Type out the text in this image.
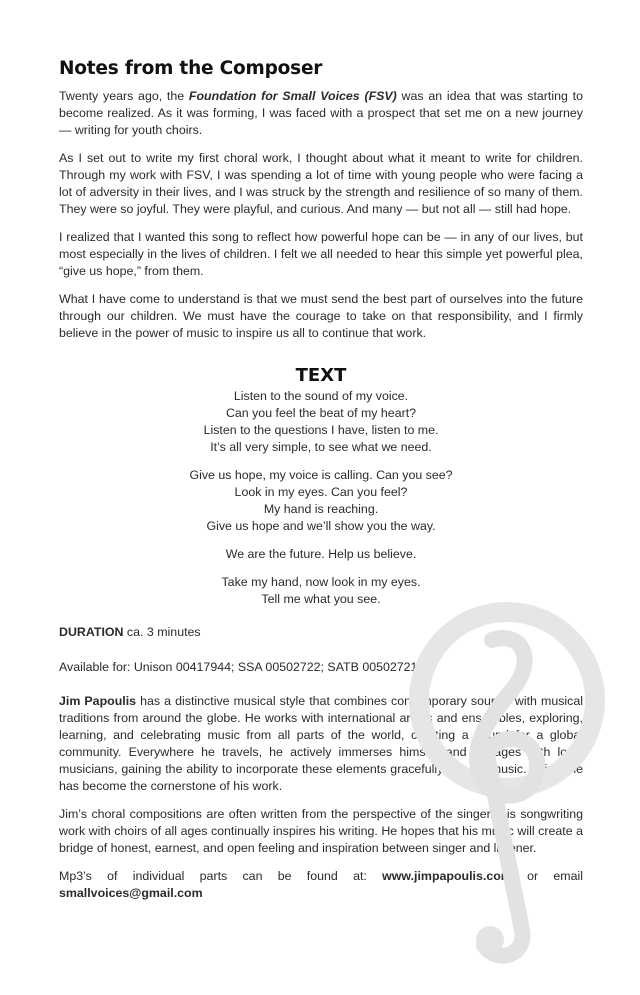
Notes from the Composer

Twenty years ago, the Foundation for Small Voices (FSV) was an idea that was starting to become realized. As it was forming, I was faced with a prospect that set me on a new journey — writing for youth choirs.

As I set out to write my first choral work, I thought about what it meant to write for children. Through my work with FSV, I was spending a lot of time with young people who were facing a lot of adversity in their lives, and I was struck by the strength and resilience of so many of them. They were so joyful. They were playful, and curious. And many — but not all — still had hope.

I realized that I wanted this song to reflect how powerful hope can be — in any of our lives, but most especially in the lives of children. I felt we all needed to hear this simple yet powerful plea, “give us hope,” from them.

What I have come to understand is that we must send the best part of ourselves into the future through our children. We must have the courage to take on that responsibility, and I firmly believe in the power of music to inspire us all to continue that work.

TEXT
Listen to the sound of my voice.
Can you feel the beat of my heart?
Listen to the questions I have, listen to me.
It’s all very simple, to see what we need.
Give us hope, my voice is calling. Can you see?
Look in my eyes. Can you feel?
My hand is reaching.
Give us hope and we’ll show you the way.
We are the future. Help us believe.
Take my hand, now look in my eyes.
Tell me what you see.

DURATION ca. 3 minutes

Available for: Unison 00417944; SSA 00502722; SATB 00502721

Jim Papoulis has a distinctive musical style that combines contemporary sounds with musical traditions from around the globe. He works with international artists and ensembles, exploring, learning, and celebrating music from all parts of the world, creating a sound for a global community. Everywhere he travels, he actively immerses himself and engages with local musicians, gaining the ability to incorporate these elements gracefully into his music. This style has become the cornerstone of his work.

Jim’s choral compositions are often written from the perspective of the singer. His songwriting work with choirs of all ages continually inspires his writing. He hopes that his music will create a bridge of honest, earnest, and open feeling and inspiration between singer and listener.

Mp3’s of individual parts can be found at: www.jimpapoulis.com or email smallvoices@gmail.com
